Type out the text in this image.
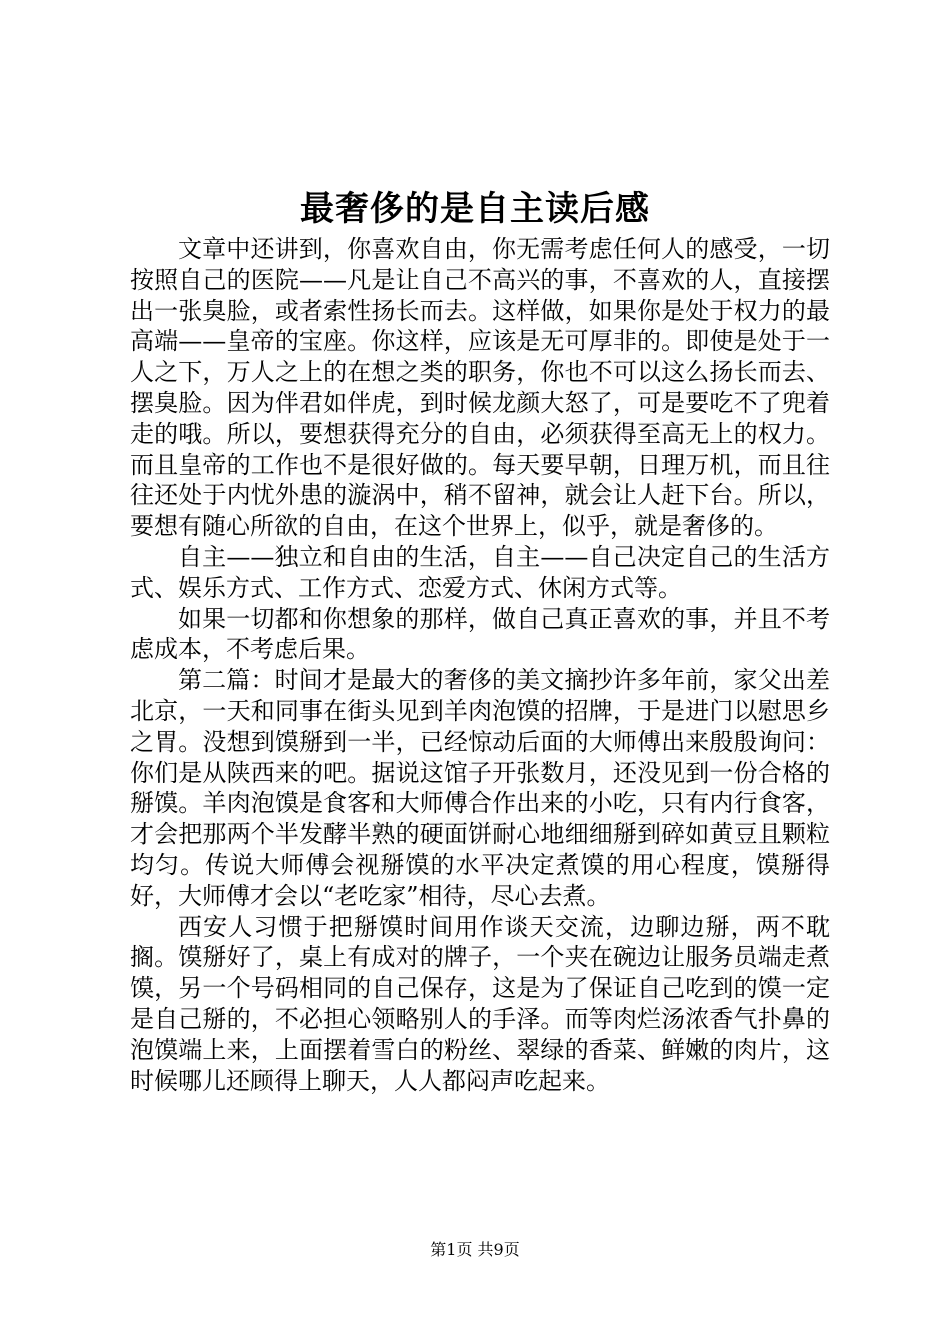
最奢侈的是自主读后感

文章中还讲到，你喜欢自由，你无需考虑任何人的感受，一切按照自己的医院——凡是让自己不高兴的事，不喜欢的人，直接摆出一张臭脸，或者索性扬长而去。这样做，如果你是处于权力的最高端——皇帝的宝座。你这样，应该是无可厚非的。即使是处于一人之下，万人之上的在想之类的职务，你也不可以这么扬长而去、摆臭脸。因为伴君如伴虎，到时候龙颜大怒了，可是要吃不了兜着走的哦。所以，要想获得充分的自由，必须获得至高无上的权力。而且皇帝的工作也不是很好做的。每天要早朝，日理万机，而且往往还处于内忧外患的漩涡中，稍不留神，就会让人赶下台。所以，要想有随心所欲的自由，在这个世界上，似乎，就是奢侈的。

自主——独立和自由的生活，自主——自己决定自己的生活方式、娱乐方式、工作方式、恋爱方式、休闲方式等。

如果一切都和你想象的那样，做自己真正喜欢的事，并且不考虑成本，不考虑后果。

第二篇：时间才是最大的奢侈的美文摘抄许多年前，家父出差北京，一天和同事在街头见到羊肉泡馍的招牌，于是进门以慰思乡之胃。没想到馍掰到一半，已经惊动后面的大师傅出来殷殷询问：你们是从陕西来的吧。据说这馆子开张数月，还没见到一份合格的掰馍。羊肉泡馍是食客和大师傅合作出来的小吃，只有内行食客，才会把那两个半发酵半熟的硬面饼耐心地细细掰到碎如黄豆且颗粒均匀。传说大师傅会视掰馍的水平决定煮馍的用心程度，馍掰得好，大师傅才会以“老吃家”相待，尽心去煮。

西安人习惯于把掰馍时间用作谈天交流，边聊边掰，两不耽搁。馍掰好了，桌上有成对的牌子，一个夹在碗边让服务员端走煮馍，另一个号码相同的自己保存，这是为了保证自己吃到的馍一定是自己掰的，不必担心领略别人的手泽。而等肉烂汤浓香气扑鼻的泡馍端上来，上面摆着雪白的粉丝、翠绿的香菜、鲜嫩的肉片，这时候哪儿还顾得上聊天，人人都闷声吃起来。

第1页 共9页
